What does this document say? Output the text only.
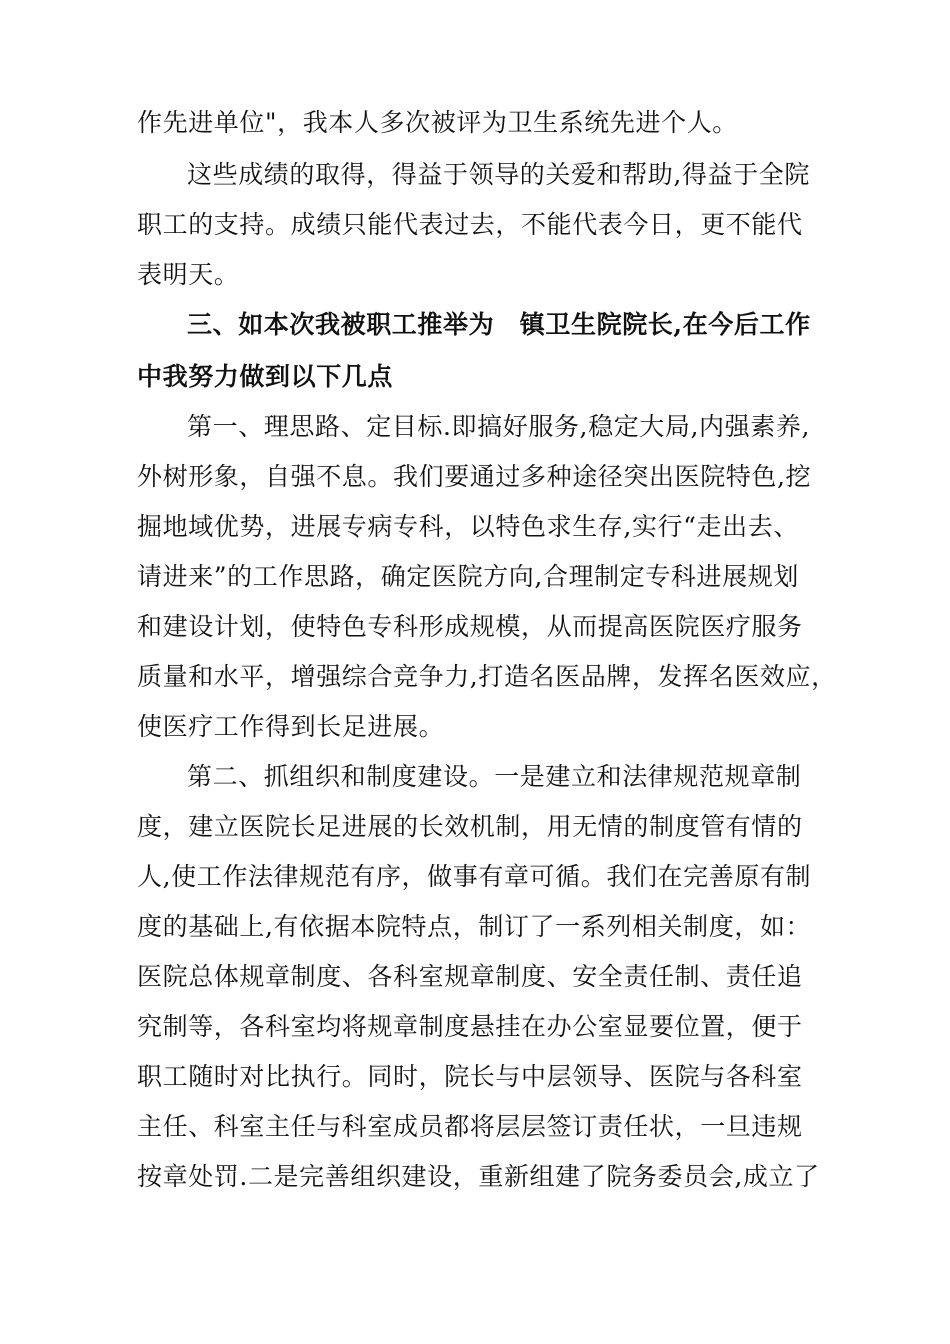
作先进单位"，我本人多次被评为卫生系统先进个人。
这些成绩的取得，得益于领导的关爱和帮助,得益于全院
职工的支持。成绩只能代表过去，不能代表今日，更不能代
表明天。
三、如本次我被职工推举为　镇卫生院院长,在今后工作
中我努力做到以下几点
第一、理思路、定目标.即搞好服务,稳定大局,内强素养,
外树形象，自强不息。我们要通过多种途径突出医院特色,挖
掘地域优势，进展专病专科，以特色求生存,实行“走出去、
请进来”的工作思路，确定医院方向,合理制定专科进展规划
和建设计划，使特色专科形成规模，从而提高医院医疗服务
质量和水平，增强综合竞争力,打造名医品牌，发挥名医效应，
使医疗工作得到长足进展。
第二、抓组织和制度建设。一是建立和法律规范规章制
度，建立医院长足进展的长效机制，用无情的制度管有情的
人,使工作法律规范有序，做事有章可循。我们在完善原有制
度的基础上,有依据本院特点，制订了一系列相关制度，如：
医院总体规章制度、各科室规章制度、安全责任制、责任追
究制等，各科室均将规章制度悬挂在办公室显要位置，便于
职工随时对比执行。同时，院长与中层领导、医院与各科室
主任、科室主任与科室成员都将层层签订责任状，一旦违规
按章处罚.二是完善组织建设，重新组建了院务委员会,成立了
